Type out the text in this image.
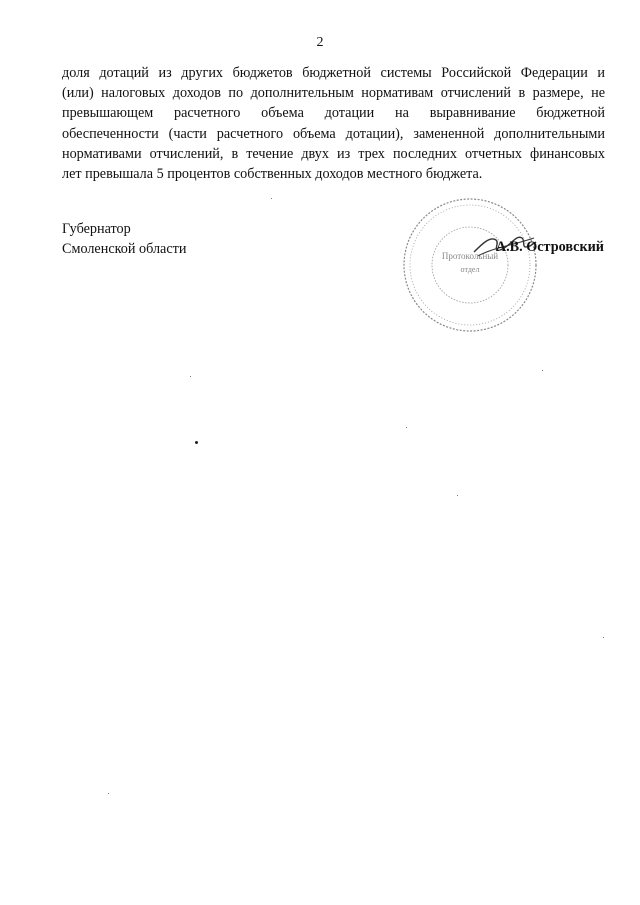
2
доля дотаций из других бюджетов бюджетной системы Российской Федерации и
(или) налоговых доходов по дополнительным нормативам отчислений в размере, не
превышающем расчетного объема дотации на выравнивание бюджетной
обеспеченности (части расчетного объема дотации), замененной дополнительными
нормативами отчислений, в течение двух из трех последних отчетных финансовых
лет превышала 5 процентов собственных доходов местного бюджета.
Губернатор
Смоленской области	Протокольный
отдел
А.В. Островский
